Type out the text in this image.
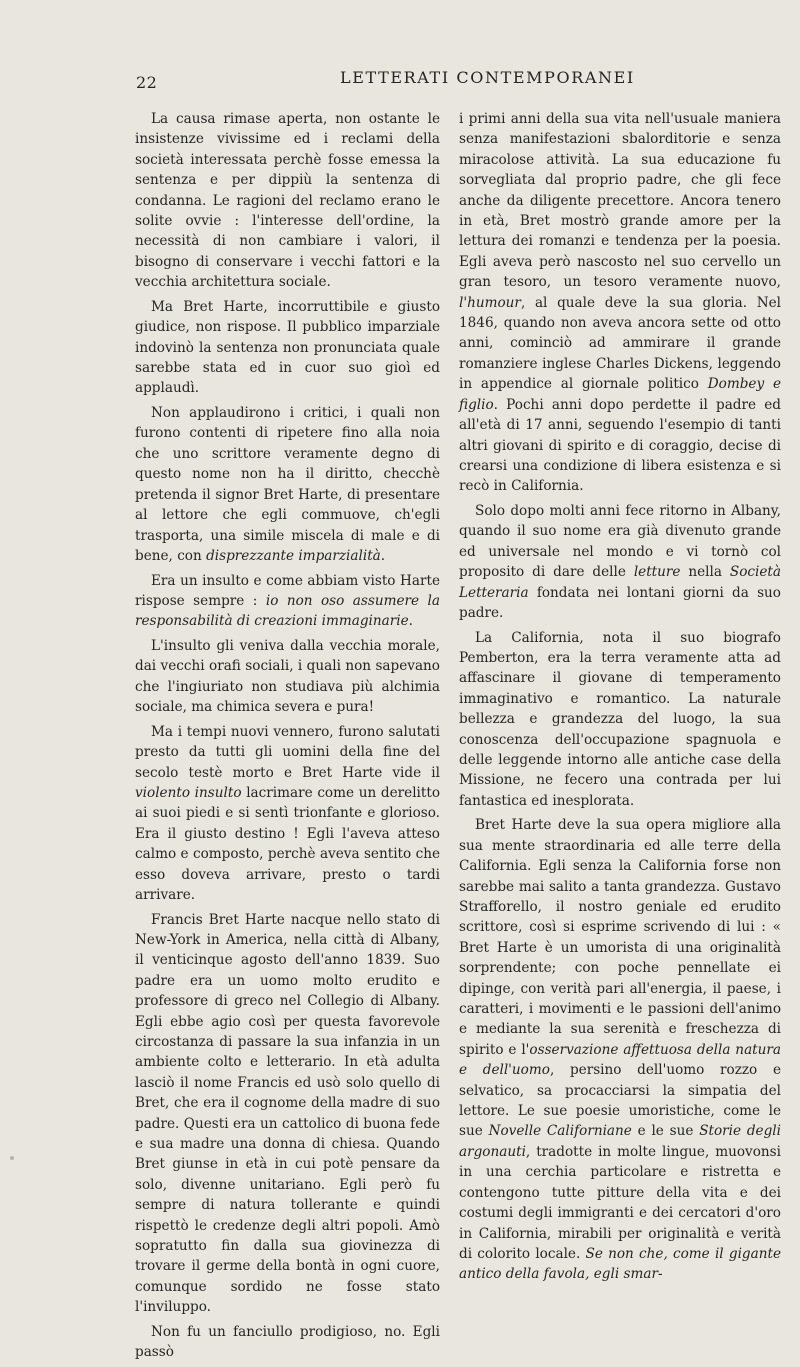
22	LETTERATI CONTEMPORANEI

La causa rimase aperta, non ostante le insistenze vivissime ed i reclami della società interessata perchè fosse emessa la sentenza e per dippiù la sentenza di condanna. Le ragioni del reclamo erano le solite ovvie : l'interesse dell'ordine, la necessità di non cambiare i valori, il bisogno di conservare i vecchi fattori e la vecchia architettura sociale.

Ma Bret Harte, incorruttibile e giusto giudice, non rispose. Il pubblico imparziale indovinò la sentenza non pronunciata quale sarebbe stata ed in cuor suo gioì ed applaudì.

Non applaudirono i critici, i quali non furono contenti di ripetere fino alla noia che uno scrittore veramente degno di questo nome non ha il diritto, checchè pretenda il signor Bret Harte, di presentare al lettore che egli commuove, ch'egli trasporta, una simile miscela di male e di bene, con disprezzante imparzialità.

Era un insulto e come abbiam visto Harte rispose sempre : io non oso assumere la responsabilità di creazioni immaginarie.

L'insulto gli veniva dalla vecchia morale, dai vecchi orafi sociali, i quali non sapevano che l'ingiuriato non studiava più alchimia sociale, ma chimica severa e pura!

Ma i tempi nuovi vennero, furono salutati presto da tutti gli uomini della fine del secolo testè morto e Bret Harte vide il violento insulto lacrimare come un derelitto ai suoi piedi e si sentì trionfante e glorioso. Era il giusto destino ! Egli l'aveva atteso calmo e composto, perchè aveva sentito che esso doveva arrivare, presto o tardi arrivare.

Francis Bret Harte nacque nello stato di New-York in America, nella città di Albany, il venticinque agosto dell'anno 1839. Suo padre era un uomo molto erudito e professore di greco nel Collegio di Albany. Egli ebbe agio così per questa favorevole circostanza di passare la sua infanzia in un ambiente colto e letterario. In età adulta lasciò il nome Francis ed usò solo quello di Bret, che era il cognome della madre di suo padre. Questi era un cattolico di buona fede e sua madre una donna di chiesa. Quando Bret giunse in età in cui potè pensare da solo, divenne unitariano. Egli però fu sempre di natura tollerante e quindi rispettò le credenze degli altri popoli. Amò sopratutto fin dalla sua giovinezza di trovare il germe della bontà in ogni cuore, comunque sordido ne fosse stato l'inviluppo.

Non fu un fanciullo prodigioso, no. Egli passò

i primi anni della sua vita nell'usuale maniera senza manifestazioni sbalorditorie e senza miracolose attività. La sua educazione fu sorvegliata dal proprio padre, che gli fece anche da diligente precettore. Ancora tenero in età, Bret mostrò grande amore per la lettura dei romanzi e tendenza per la poesia. Egli aveva però nascosto nel suo cervello un gran tesoro, un tesoro veramente nuovo, l'humour, al quale deve la sua gloria. Nel 1846, quando non aveva ancora sette od otto anni, cominciò ad ammirare il grande romanziere inglese Charles Dickens, leggendo in appendice al giornale politico Dombey e figlio. Pochi anni dopo perdette il padre ed all'età di 17 anni, seguendo l'esempio di tanti altri giovani di spirito e di coraggio, decise di crearsi una condizione di libera esistenza e si recò in California.

Solo dopo molti anni fece ritorno in Albany, quando il suo nome era già divenuto grande ed universale nel mondo e vi tornò col proposito di dare delle letture nella Società Letteraria fondata nei lontani giorni da suo padre.

La California, nota il suo biografo Pemberton, era la terra veramente atta ad affascinare il giovane di temperamento immaginativo e romantico. La naturale bellezza e grandezza del luogo, la sua conoscenza dell'occupazione spagnuola e delle leggende intorno alle antiche case della Missione, ne fecero una contrada per lui fantastica ed inesplorata.

Bret Harte deve la sua opera migliore alla sua mente straordinaria ed alle terre della California. Egli senza la California forse non sarebbe mai salito a tanta grandezza. Gustavo Strafforello, il nostro geniale ed erudito scrittore, così si esprime scrivendo di lui : « Bret Harte è un umorista di una originalità sorprendente; con poche pennellate ei dipinge, con verità pari all'energia, il paese, i caratteri, i movimenti e le passioni dell'animo e mediante la sua serenità e freschezza di spirito e l'osservazione affettuosa della natura e dell'uomo, persino dell'uomo rozzo e selvatico, sa procacciarsi la simpatia del lettore. Le sue poesie umoristiche, come le sue Novelle Californiane e le sue Storie degli argonauti, tradotte in molte lingue, muovonsi in una cerchia particolare e ristretta e contengono tutte pitture della vita e dei costumi degli immigranti e dei cercatori d'oro in California, mirabili per originalità e verità di colorito locale. Se non che, come il gigante antico della favola, egli smar-
